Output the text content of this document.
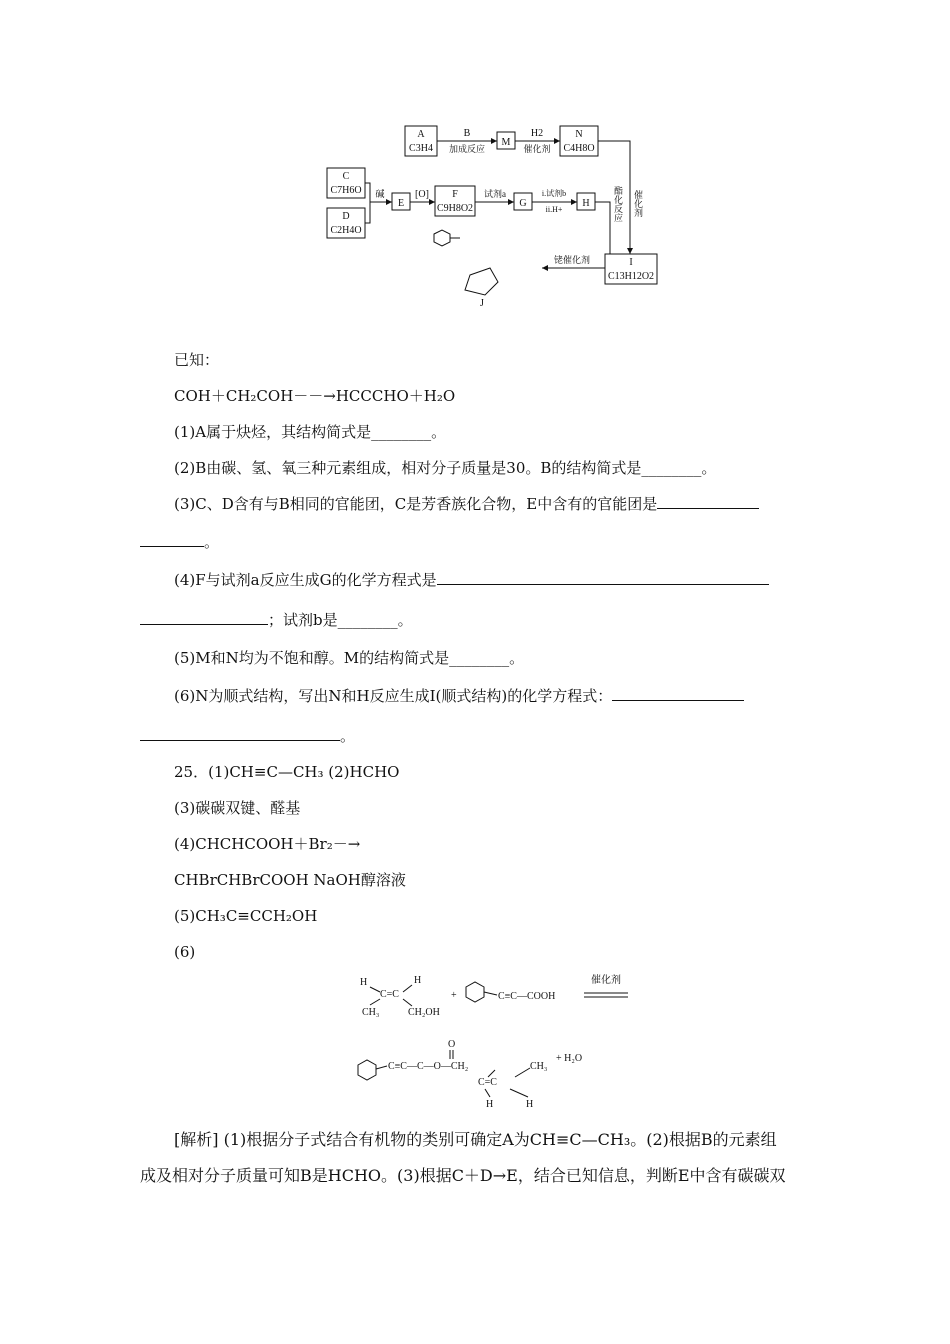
A
C3H4
B
加成反应
M
H2
催化剂
N
C4H8O
C
C7H6O
D
C2H4O
碱
E
[O] F
C9H8O2
试剂a
G
i.试剂b
ii.H+
H
I
C13H12O2
铑催化剂
J
催化剂
酯化反应
已知：
COH＋CH₂COH－－→HCCCHO＋H₂O
(1)A属于炔烃，其结构简式是________。
(2)B由碳、氢、氧三种元素组成，相对分子质量是30。B的结构简式是________。
(3)C、D含有与B相同的官能团，C是芳香族化合物，E中含有的官能团是
。
(4)F与试剂a反应生成G的化学方程式是
；试剂b是________。
(5)M和N均为不饱和醇。M的结构简式是________。
(6)N为顺式结构，写出N和H反应生成I(顺式结构)的化学方程式：
。
25．(1)CH≡C—CH₃ (2)HCHO
(3)碳碳双键、醛基
(4)CHCHCOOH＋Br₂－→
CHBrCHBrCOOH NaOH醇溶液
(5)CH₃C≡CCH₂OH
(6)
H	H
C=C
CH₃	CH₂OH
+	C≡C—COOH
催化剂
C≡C—C—O—CH₂
O
C=C
CH₃
H	H
+ H₂O
[解析] (1)根据分子式结合有机物的类别可确定A为CH≡C—CH₃。(2)根据B的元素组
成及相对分子质量可知B是HCHO。(3)根据C＋D→E，结合已知信息，判断E中含有碳碳双
